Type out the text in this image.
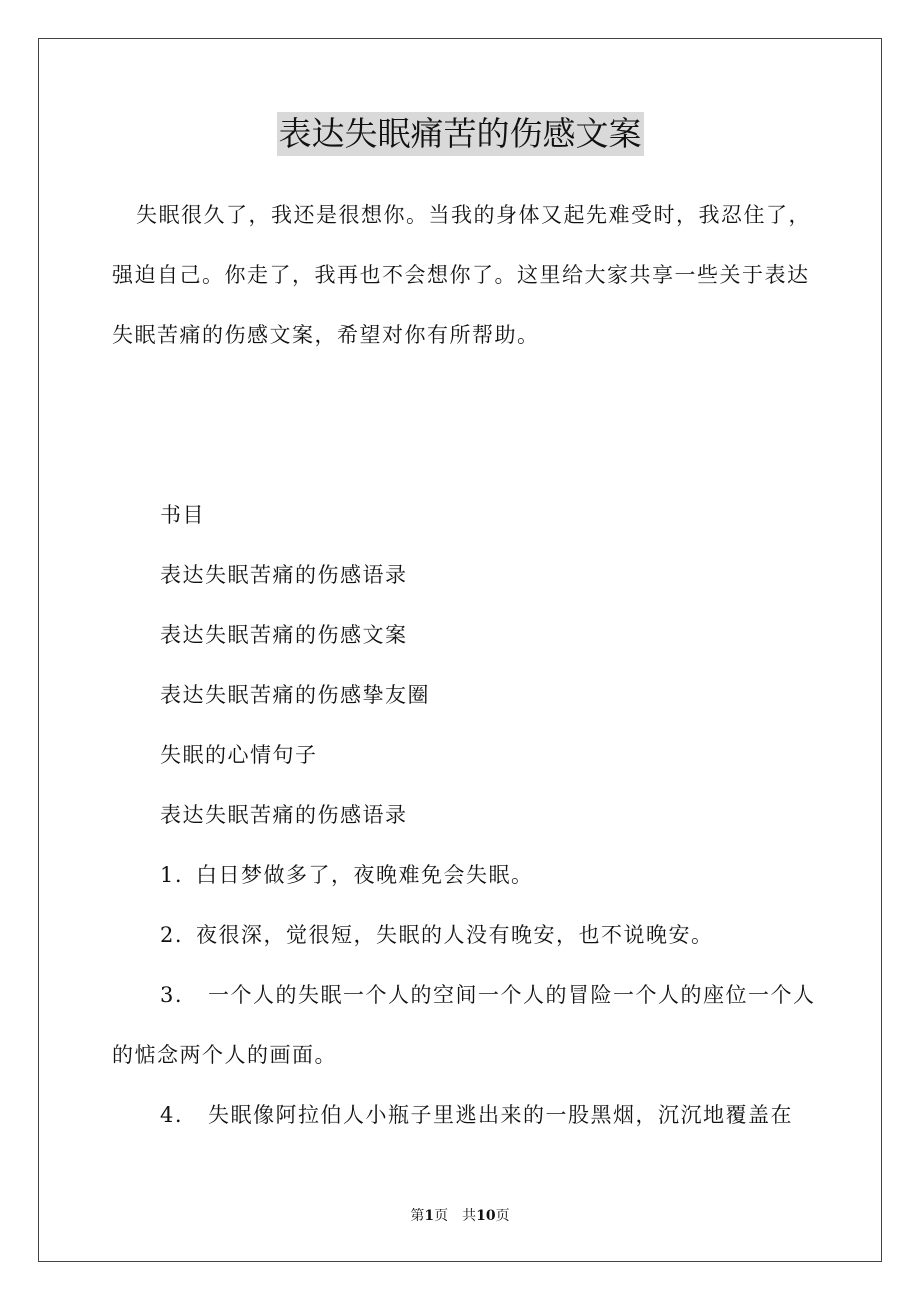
表达失眠痛苦的伤感文案

失眠很久了，我还是很想你。当我的身体又起先难受时，我忍住了，强迫自己。你走了，我再也不会想你了。这里给大家共享一些关于表达失眠苦痛的伤感文案，希望对你有所帮助。

书目
表达失眠苦痛的伤感语录
表达失眠苦痛的伤感文案
表达失眠苦痛的伤感挚友圈
失眠的心情句子
表达失眠苦痛的伤感语录

1. 白日梦做多了，夜晚难免会失眠。

2. 夜很深，觉很短，失眠的人没有晚安，也不说晚安。

3. 一个人的失眠一个人的空间一个人的冒险一个人的座位一个人的惦念两个人的画面。

4. 失眠像阿拉伯人小瓶子里逃出来的一股黑烟，沉沉地覆盖在

第1页　共10页
